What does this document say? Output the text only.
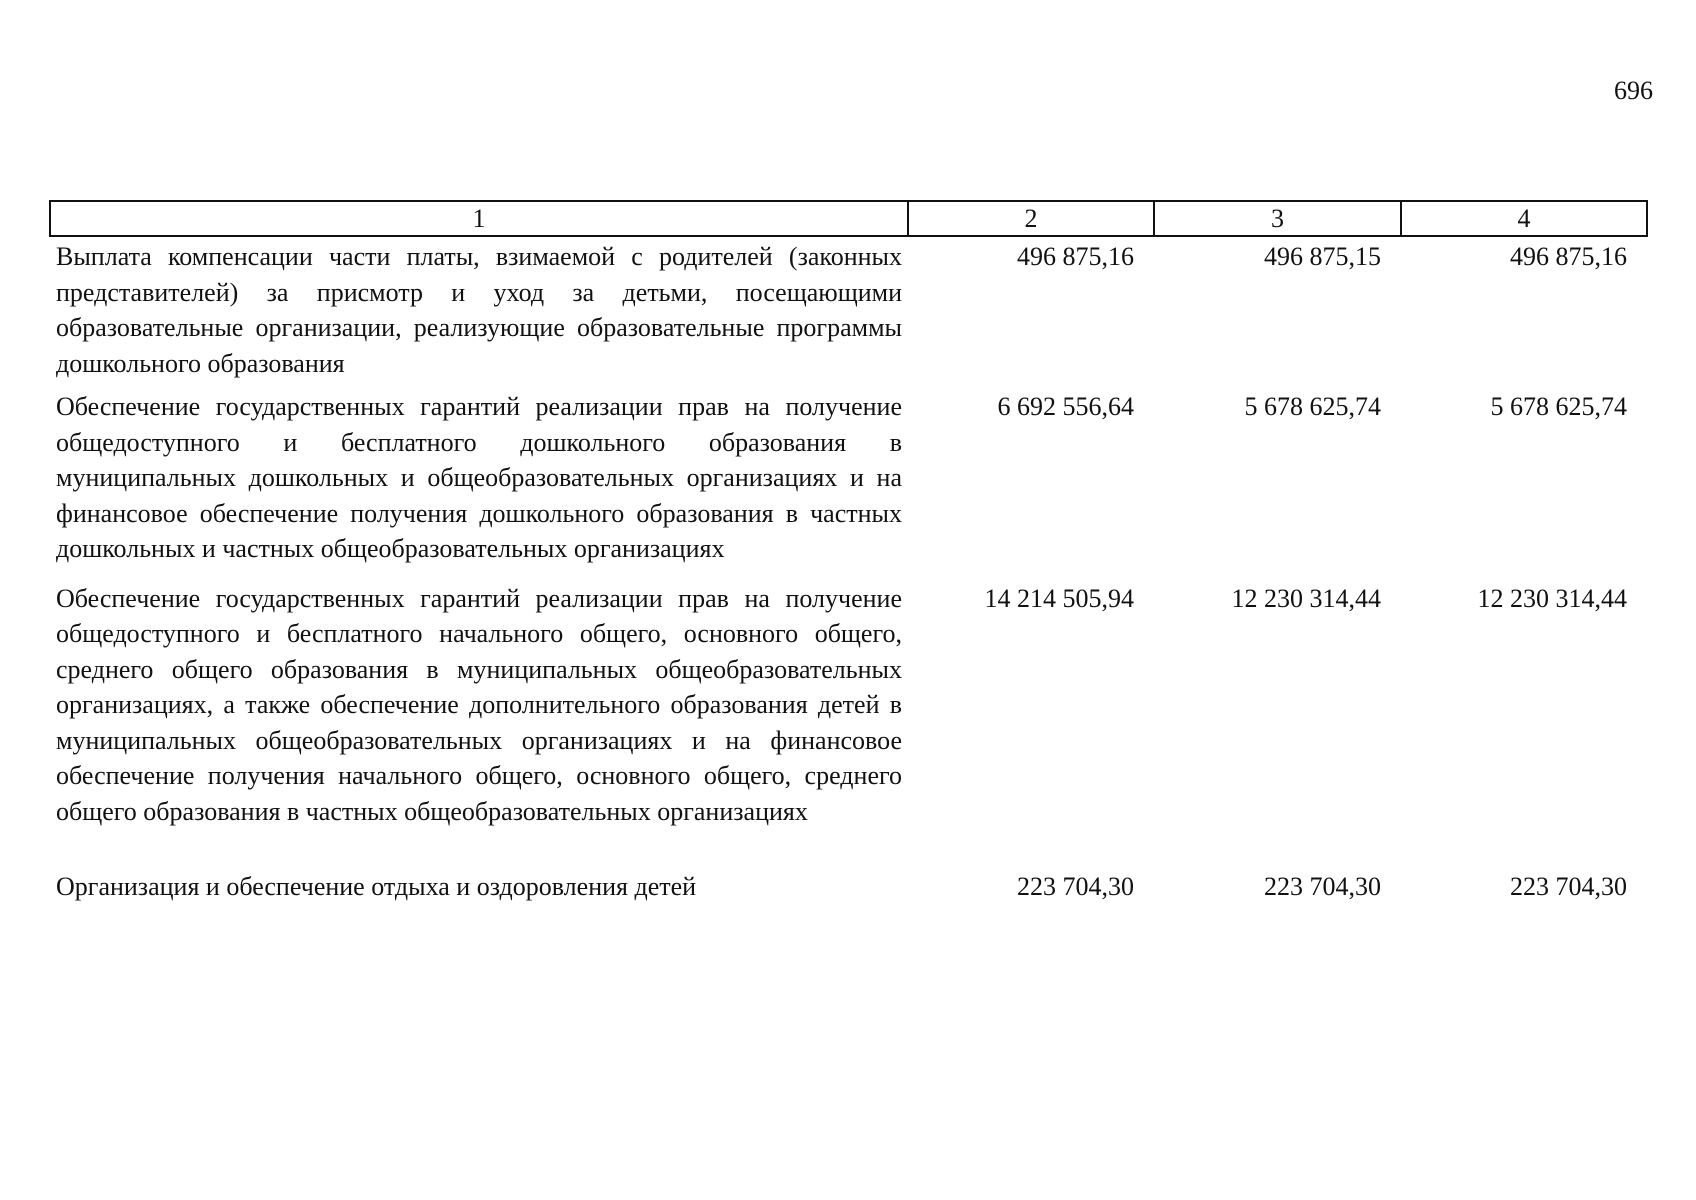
696
1	2	3	4
Выплата компенсации части платы, взимаемой с родителей (законных представителей) за присмотр и уход за детьми, посещающими образовательные организации, реализующие образовательные программы дошкольного образования	496 875,16	496 875,15	496 875,16
Обеспечение государственных гарантий реализации прав на получение общедоступного и бесплатного дошкольного образования в муниципальных дошкольных и общеобразовательных организациях и на финансовое обеспечение получения дошкольного образования в частных дошкольных и частных общеобразовательных организациях	6 692 556,64	5 678 625,74	5 678 625,74
Обеспечение государственных гарантий реализации прав на получение общедоступного и бесплатного начального общего, основного общего, среднего общего образования в муниципальных общеобразовательных организациях, а также обеспечение дополнительного образования детей в муниципальных общеобразовательных организациях и на финансовое обеспечение получения начального общего, основного общего, среднего общего образования в частных общеобразовательных организациях	14 214 505,94	12 230 314,44	12 230 314,44
Организация и обеспечение отдыха и оздоровления детей	223 704,30	223 704,30	223 704,30
